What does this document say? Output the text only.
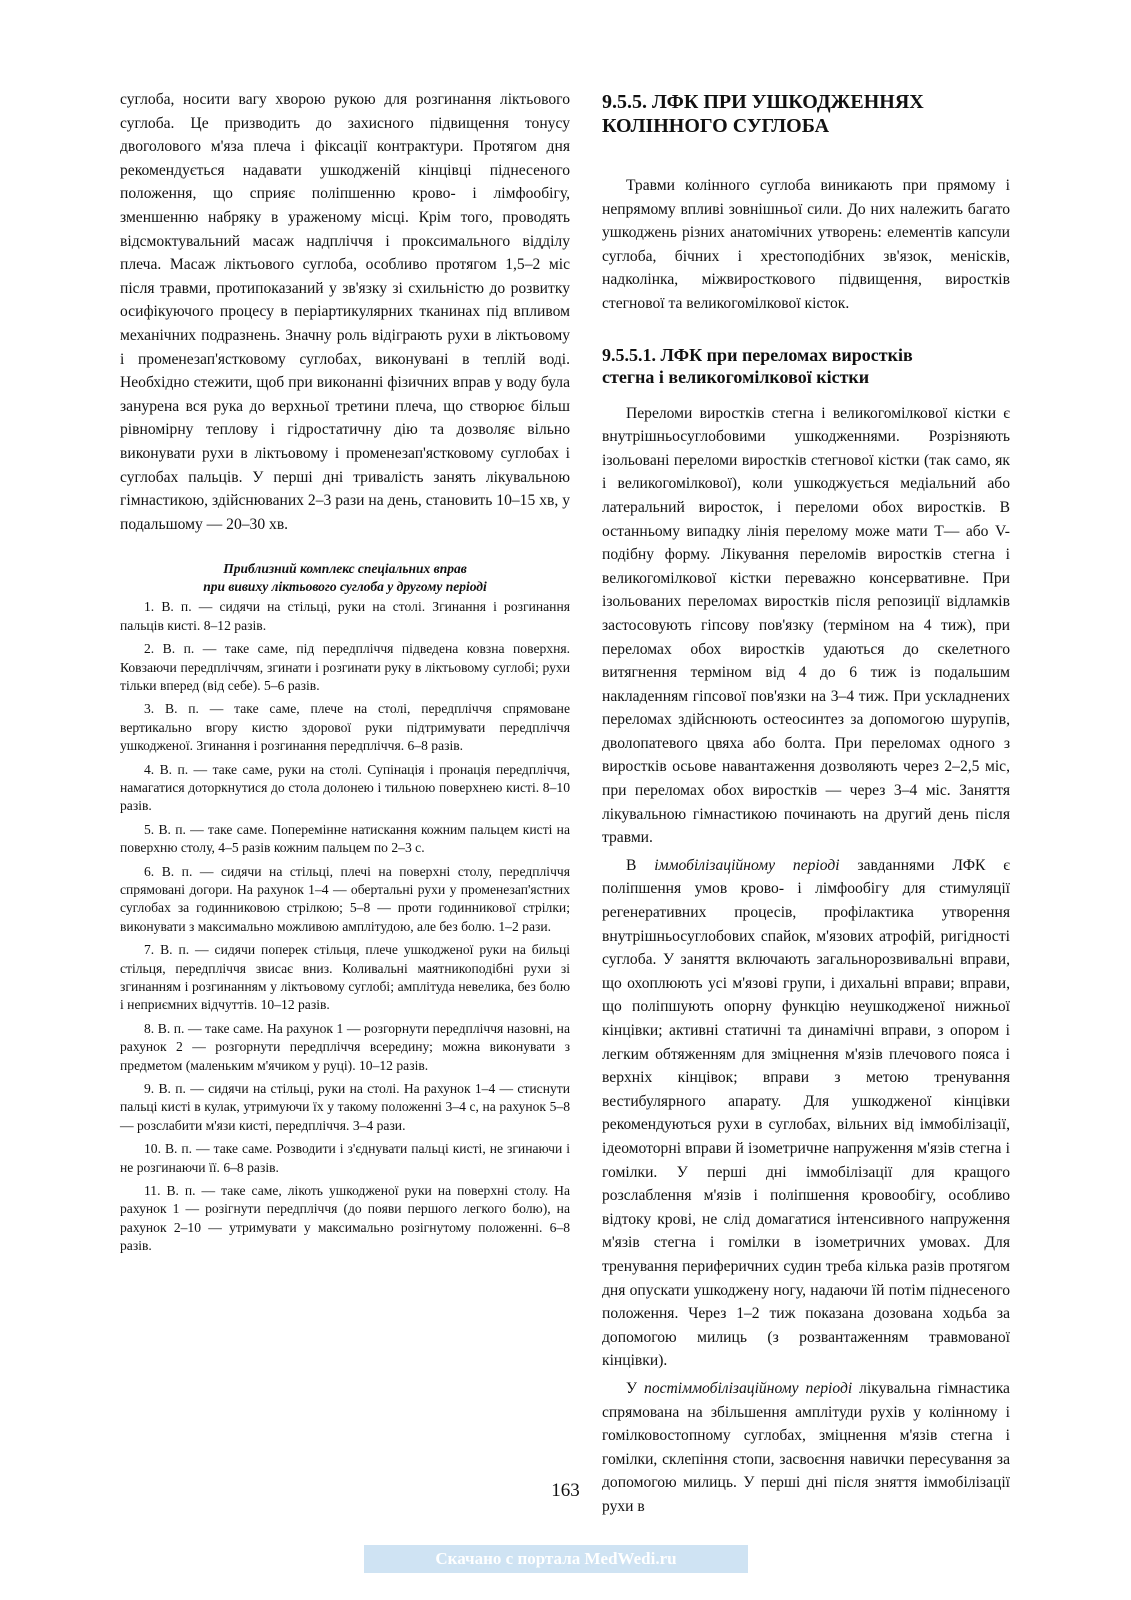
суглоба, носити вагу хворою рукою для розгинання ліктьового суглоба. Це призводить до захисного підвищення тонусу двоголового м'яза плеча і фіксації контрактури. Протягом дня рекомендується надавати ушкодженій кінцівці піднесеного положення, що сприяє поліпшенню крово- і лімфообігу, зменшенню набряку в ураженому місці. Крім того, проводять відсмоктувальний масаж надпліччя і проксимального відділу плеча. Масаж ліктьового суглоба, особливо протягом 1,5–2 міс після травми, протипоказаний у зв'язку зі схильністю до розвитку осифікуючого процесу в періартикулярних тканинах під впливом механічних подразнень. Значну роль відіграють рухи в ліктьовому і променезап'ястковому суглобах, виконувані в теплій воді. Необхідно стежити, щоб при виконанні фізичних вправ у воду була занурена вся рука до верхньої третини плеча, що створює більш рівномірну теплову і гідростатичну дію та дозволяє вільно виконувати рухи в ліктьовому і променезап'ястковому суглобах і суглобах пальців. У перші дні тривалість занять лікувальною гімнастикою, здійснюваних 2–3 рази на день, становить 10–15 хв, у подальшому — 20–30 хв.

Приблизний комплекс спеціальних вправ
при вивиху ліктьового суглоба у другому періоді

1. В. п. — сидячи на стільці, руки на столі. Згинання і розгинання пальців кисті. 8–12 разів.

2. В. п. — таке саме, під передпліччя підведена ковзна поверхня. Ковзаючи передпліччям, згинати і розгинати руку в ліктьовому суглобі; рухи тільки вперед (від себе). 5–6 разів.

3. В. п. — таке саме, плече на столі, передпліччя спрямоване вертикально вгору кистю здорової руки підтримувати передпліччя ушкодженої. Згинання і розгинання передпліччя. 6–8 разів.

4. В. п. — таке саме, руки на столі. Супінація і пронація передпліччя, намагатися доторкнутися до стола долонею і тильною поверхнею кисті. 8–10 разів.

5. В. п. — таке саме. Поперемінне натискання кожним пальцем кисті на поверхню столу, 4–5 разів кожним пальцем по 2–3 с.

6. В. п. — сидячи на стільці, плечі на поверхні столу, передпліччя спрямовані догори. На рахунок 1–4 — обертальні рухи у променезап'ястних суглобах за годинниковою стрілкою; 5–8 — проти годинникової стрілки; виконувати з максимально можливою амплітудою, але без болю. 1–2 рази.

7. В. п. — сидячи поперек стільця, плече ушкодженої руки на бильці стільця, передпліччя звисає вниз. Коливальні маятникоподібні рухи зі згинанням і розгинанням у ліктьовому суглобі; амплітуда невелика, без болю і неприємних відчуттів. 10–12 разів.

8. В. п. — таке саме. На рахунок 1 — розгорнути передпліччя назовні, на рахунок 2 — розгорнути передпліччя всередину; можна виконувати з предметом (маленьким м'ячиком у руці). 10–12 разів.

9. В. п. — сидячи на стільці, руки на столі. На рахунок 1–4 — стиснути пальці кисті в кулак, утримуючи їх у такому положенні 3–4 с, на рахунок 5–8 — розслабити м'язи кисті, передпліччя. 3–4 рази.

10. В. п. — таке саме. Розводити і з'єднувати пальці кисті, не згинаючи і не розгинаючи її. 6–8 разів.

11. В. п. — таке саме, лікоть ушкодженої руки на поверхні столу. На рахунок 1 — розігнути передпліччя (до появи першого легкого болю), на рахунок 2–10 — утримувати у максимально розігнутому положенні. 6–8 разів.

9.5.5. ЛФК ПРИ УШКОДЖЕННЯХ
КОЛІННОГО СУГЛОБА

Травми колінного суглоба виникають при прямому і непрямому впливі зовнішньої сили. До них належить багато ушкоджень різних анатомічних утворень: елементів капсули суглоба, бічних і хрестоподібних зв'язок, менісків, надколінка, міжвиросткового підвищення, виростків стегнової та великогомілкової кісток.

9.5.5.1. ЛФК при переломах виростків
стегна і великогомілкової кістки

Переломи виростків стегна і великогомілкової кістки є внутрішньосуглобовими ушкодженнями. Розрізняють ізольовані переломи виростків стегнової кістки (так само, як і великогомілкової), коли ушкоджується медіальний або латеральний виросток, і переломи обох виростків. В останньому випадку лінія перелому може мати Т— або V-подібну форму. Лікування переломів виростків стегна і великогомілкової кістки переважно консервативне. При ізольованих переломах виростків після репозиції відламків застосовують гіпсову пов'язку (терміном на 4 тиж), при переломах обох виростків удаються до скелетного витягнення терміном від 4 до 6 тиж із подальшим накладенням гіпсової пов'язки на 3–4 тиж. При ускладнених переломах здійснюють остеосинтез за допомогою шурупів, дволопатевого цвяха або болта. При переломах одного з виростків осьове навантаження дозволяють через 2–2,5 міс, при переломах обох виростків — через 3–4 міс. Заняття лікувальною гімнастикою починають на другий день після травми.

В іммобілізаційному періоді завданнями ЛФК є поліпшення умов крово- і лімфообігу для стимуляції регенеративних процесів, профілактика утворення внутрішньосуглобових спайок, м'язових атрофій, ригідності суглоба. У заняття включають загальнорозвивальні вправи, що охоплюють усі м'язові групи, і дихальні вправи; вправи, що поліпшують опорну функцію неушкодженої нижньої кінцівки; активні статичні та динамічні вправи, з опором і легким обтяженням для зміцнення м'язів плечового пояса і верхніх кінцівок; вправи з метою тренування вестибулярного апарату. Для ушкодженої кінцівки рекомендуються рухи в суглобах, вільних від іммобілізації, ідеомоторні вправи й ізометричне напруження м'язів стегна і гомілки. У перші дні іммобілізації для кращого розслаблення м'язів і поліпшення кровообігу, особливо відтоку крові, не слід домагатися інтенсивного напруження м'язів стегна і гомілки в ізометричних умовах. Для тренування периферичних судин треба кілька разів протягом дня опускати ушкоджену ногу, надаючи їй потім піднесеного положення. Через 1–2 тиж показана дозована ходьба за допомогою милиць (з розвантаженням травмованої кінцівки).

У постіммобілізаційному періоді лікувальна гімнастика спрямована на збільшення амплітуди рухів у колінному і гомілковостопному суглобах, зміцнення м'язів стегна і гомілки, склепіння стопи, засвоєння навички пересування за допомогою милиць. У перші дні після зняття іммобілізації рухи в

163
Скачано с портала MedWedi.ru
